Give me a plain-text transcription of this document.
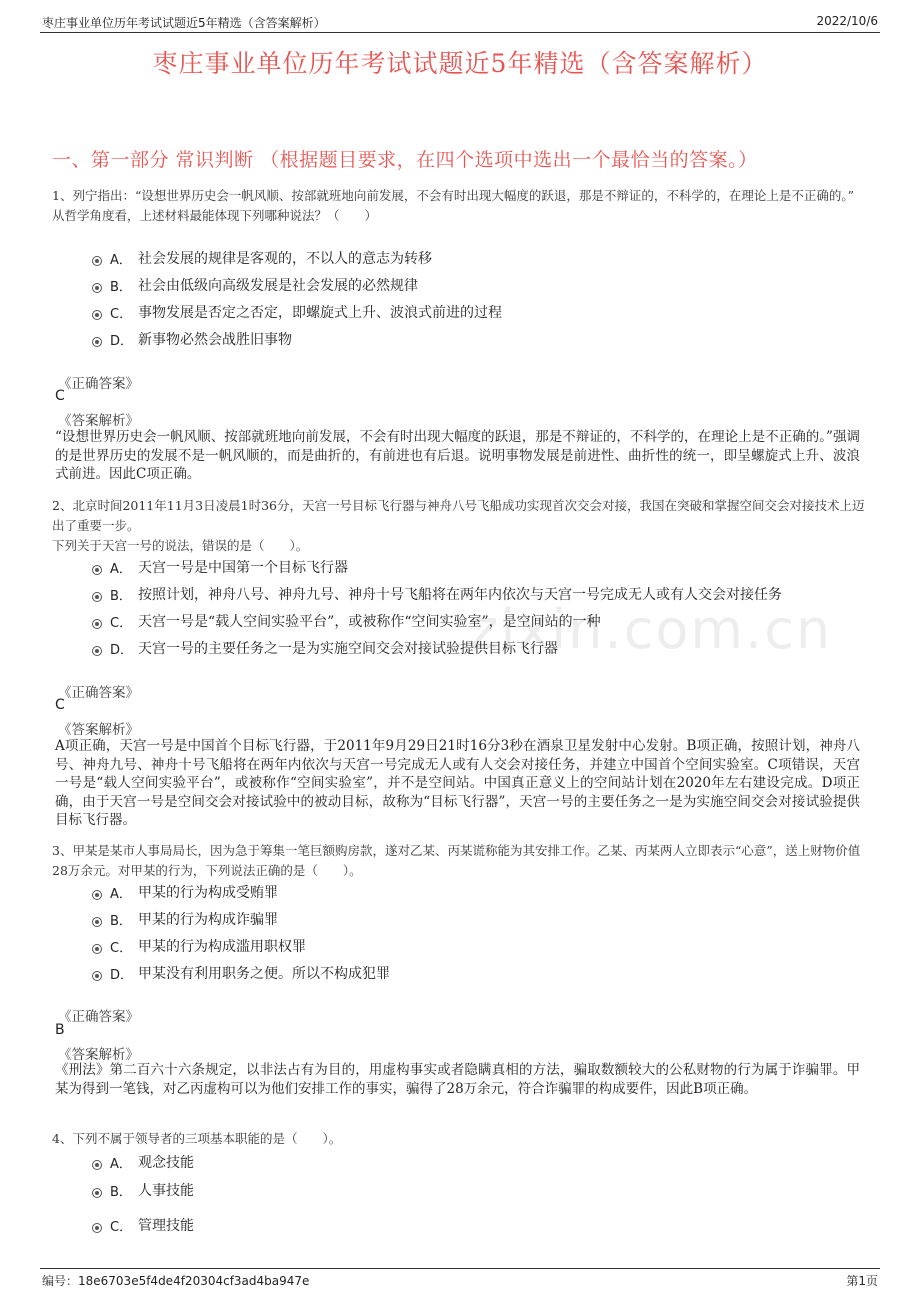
枣庄事业单位历年考试试题近5年精选（含答案解析）	2022/10/6
枣庄事业单位历年考试试题近5年精选（含答案解析）
一、第一部分 常识判断 （根据题目要求，在四个选项中选出一个最恰当的答案。）
zixin.com.cn
1、列宁指出：“设想世界历史会一帆风顺、按部就班地向前发展，不会有时出现大幅度的跃退，那是不辩证的，不科学的，在理论上是不正确的。”
从哲学角度看，上述材料最能体现下列哪种说法？（　　）
A． 社会发展的规律是客观的，不以人的意志为转移
B． 社会由低级向高级发展是社会发展的必然规律
C． 事物发展是否定之否定，即螺旋式上升、波浪式前进的过程
D． 新事物必然会战胜旧事物
《正确答案》
C
《答案解析》
“设想世界历史会一帆风顺、按部就班地向前发展，不会有时出现大幅度的跃退，那是不辩证的，不科学的，在理论上是不正确的。”强调的是世界历史的发展不是一帆风顺的，而是曲折的，有前进也有后退。说明事物发展是前进性、曲折性的统一，即呈螺旋式上升、波浪式前进。因此C项正确。
2、北京时间2011年11月3日凌晨1时36分，天宫一号目标飞行器与神舟八号飞船成功实现首次交会对接，我国在突破和掌握空间交会对接技术上迈出了重要一步。
下列关于天宫一号的说法，错误的是（　　）。
A． 天宫一号是中国第一个目标飞行器
B． 按照计划，神舟八号、神舟九号、神舟十号飞船将在两年内依次与天宫一号完成无人或有人交会对接任务
C． 天宫一号是“载人空间实验平台”，或被称作“空间实验室”，是空间站的一种
D． 天宫一号的主要任务之一是为实施空间交会对接试验提供目标飞行器
《正确答案》
C
《答案解析》
A项正确，天宫一号是中国首个目标飞行器，于2011年9月29日21时16分3秒在酒泉卫星发射中心发射。B项正确，按照计划，神舟八号、神舟九号、神舟十号飞船将在两年内依次与天宫一号完成无人或有人交会对接任务，并建立中国首个空间实验室。C项错误，天宫一号是“载人空间实验平台”，或被称作“空间实验室”，并不是空间站。中国真正意义上的空间站计划在2020年左右建设完成。D项正确，由于天宫一号是空间交会对接试验中的被动目标，故称为“目标飞行器”，天宫一号的主要任务之一是为实施空间交会对接试验提供目标飞行器。
3、甲某是某市人事局局长，因为急于筹集一笔巨额购房款，遂对乙某、丙某谎称能为其安排工作。乙某、丙某两人立即表示“心意”，送上财物价值28万余元。对甲某的行为，下列说法正确的是（　　）。
A． 甲某的行为构成受贿罪
B． 甲某的行为构成诈骗罪
C． 甲某的行为构成滥用职权罪
D． 甲某没有利用职务之便。所以不构成犯罪
《正确答案》
B
《答案解析》
《刑法》第二百六十六条规定，以非法占有为目的，用虚构事实或者隐瞒真相的方法，骗取数额较大的公私财物的行为属于诈骗罪。甲某为得到一笔钱，对乙丙虚构可以为他们安排工作的事实，骗得了28万余元，符合诈骗罪的构成要件，因此B项正确。
4、下列不属于领导者的三项基本职能的是（　　）。
A． 观念技能
B． 人事技能
C． 管理技能
编号：18e6703e5f4de4f20304cf3ad4ba947e	第1页
